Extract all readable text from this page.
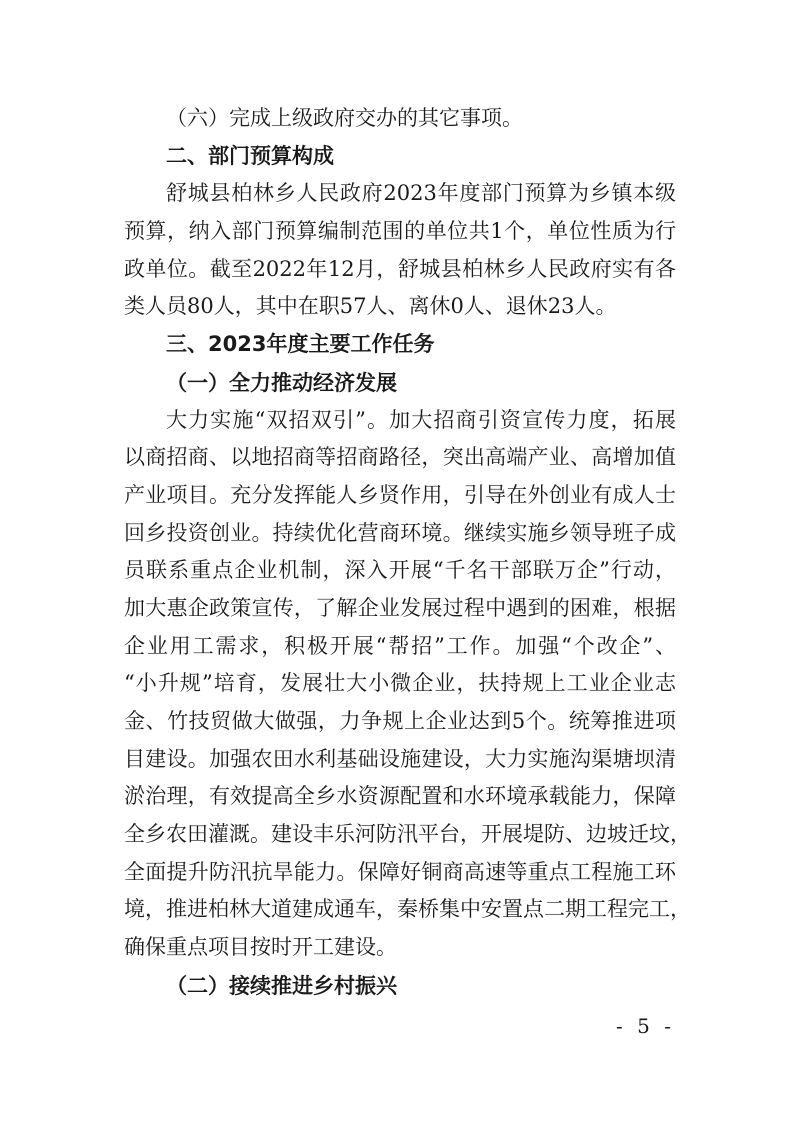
（六）完成上级政府交办的其它事项。
二、部门预算构成
舒城县柏林乡人民政府2023年度部门预算为乡镇本级
预算，纳入部门预算编制范围的单位共1个，单位性质为行
政单位。截至2022年12月，舒城县柏林乡人民政府实有各
类人员80人，其中在职57人、离休0人、退休23人。
三、2023年度主要工作任务
（一）全力推动经济发展
大力实施“双招双引”。加大招商引资宣传力度，拓展
以商招商、以地招商等招商路径，突出高端产业、高增加值
产业项目。充分发挥能人乡贤作用，引导在外创业有成人士
回乡投资创业。持续优化营商环境。继续实施乡领导班子成
员联系重点企业机制，深入开展“千名干部联万企”行动，
加大惠企政策宣传，了解企业发展过程中遇到的困难，根据
企业用工需求，积极开展“帮招”工作。加强“个改企”、
“小升规”培育，发展壮大小微企业，扶持规上工业企业志
金、竹技贸做大做强，力争规上企业达到5个。统筹推进项
目建设。加强农田水利基础设施建设，大力实施沟渠塘坝清
淤治理，有效提高全乡水资源配置和水环境承载能力，保障
全乡农田灌溉。建设丰乐河防汛平台，开展堤防、边坡迁坟，
全面提升防汛抗旱能力。保障好铜商高速等重点工程施工环
境，推进柏林大道建成通车，秦桥集中安置点二期工程完工，
确保重点项目按时开工建设。
（二）接续推进乡村振兴
- 5 -
